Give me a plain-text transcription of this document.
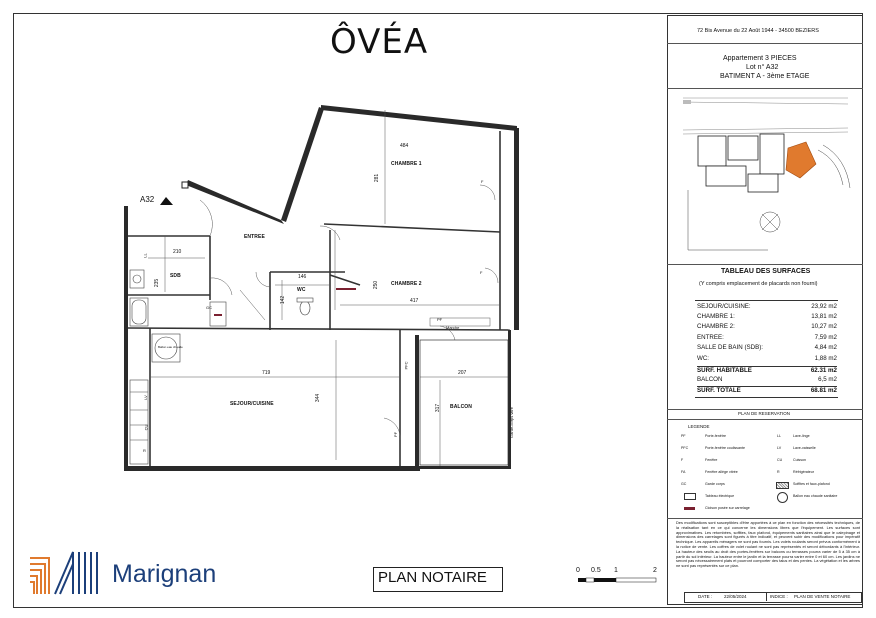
ÔVÉA
CHAMBRE 1
ENTREE
CHAMBRE 2
SDB
WC
SEJOUR/CUISINE	BALCON
484
281
210
235
146
142
250
417
719
344
207
317
F
F
LL
LV
CU
R
GC
PFC
PF
PF
Marche
Garde-corps vitré
Ballon eau chaude
A32
Marignan	PLAN NOTAIRE	0 0.5 1	2
72 Bis Avenue du 22 Août 1944 - 34500 BEZIERS
Appartement 3 PIECES
Lot n° A32
BATIMENT A - 3ème ETAGE
TABLEAU DES SURFACES
(Y compris emplacement de placards non fourni)
SEJOUR/CUISINE:	23,92 m2
CHAMBRE 1:	13,81 m2
CHAMBRE 2:	10,27 m2
ENTREE:	7,59 m2
SALLE DE BAIN (SDB):	4,84 m2
WC:	1,88 m2
SURF. HABITABLE	62.31 m2
BALCON	6,5 m2
SURF. TOTALE	68.81 m2
PLAN DE RESERVATION
LEGENDE
PF	Porte-fenêtre	LL	Lave-linge
PFC	Porte-fenêtre coulissante	LV	Lave-vaisselle
F	Fenêtre	CU	Cuisson
FA	Fenêtre allège vitrée	R	Réfrigérateur
GC	Garde corps	Soffites et faux-plafond
Tableau électrique	Ballon eau chaude sanitaire
Cloison posée sur carrelage
Des modifications sont susceptibles d'être apportées à ce plan en fonction des nécessités techniques, de la réalisation tant en ce qui concerne les dimensions libres que l'équipement. Les surfaces sont approximatives. Les retombées, soffites, faux plafond, équipements sanitaires ainsi que le calepinage et dimensions des carrelages sont figurés à titre indicatif, et peuvent subir des modifications pour impératif technique. Les appareils ménagers ne sont pas fournis. Les volets roulants seront prévus conformément à la notice de vente. Les coffres de volet roulant ne sont pas représentés et seront débordants à l'intérieur. La hauteur des seuils au droit des portes-fenêtres sur balcons ou terrasses pourra varier de 5 à 35 cm à partir du sol intérieur. La hauteur entre le jardin et la terrasse pourra varier entre 0 et 60 cm. Les jardins ne seront pas nécessairement plats et pourront comporter des talus et des pentes. La végétation et les arbres ne sont pas représentés sur ce plan.
DATE :	22/05/2024	INDICE : PLAN DE VENTE NOTAIRE
